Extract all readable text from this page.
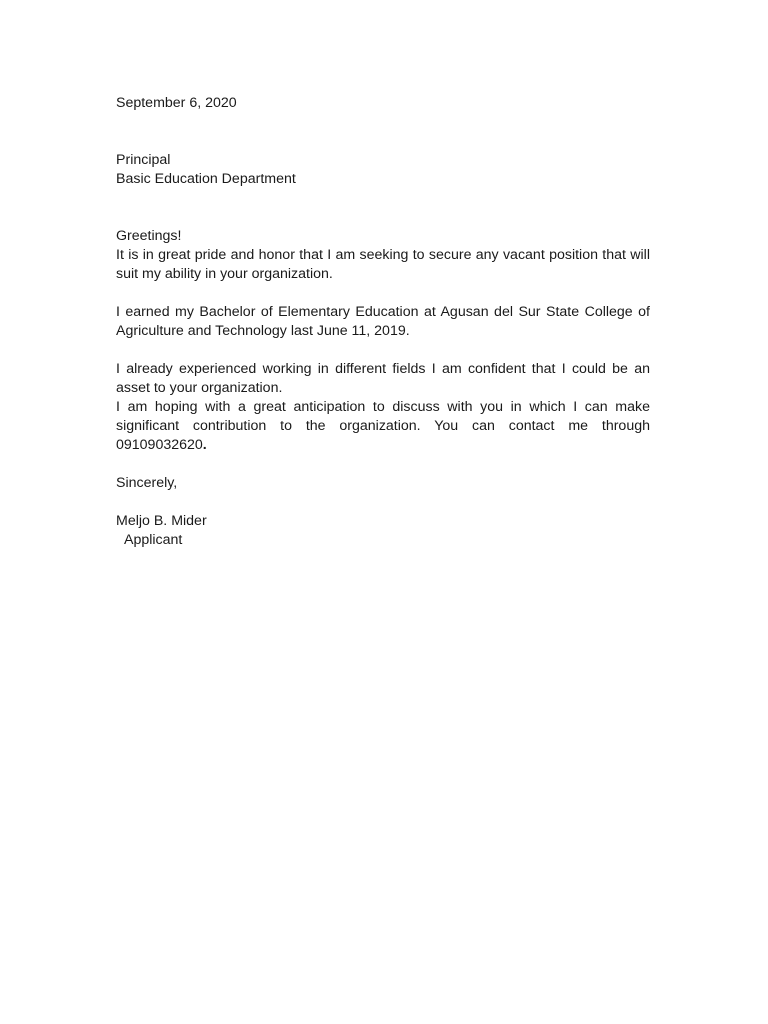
September 6, 2020
Principal
Basic Education Department
Greetings!
It is in great pride and honor that I am seeking to secure any vacant position that will suit my ability in your organization.
I earned my Bachelor of Elementary Education at Agusan del Sur State College of Agriculture and Technology last June 11, 2019.
I already experienced working in different fields I am confident that I could be an asset to your organization.
I am hoping with a great anticipation to discuss with you in which I can make significant contribution to the organization. You can contact me through 09109032620.
Sincerely,
Meljo B. Mider
Applicant
